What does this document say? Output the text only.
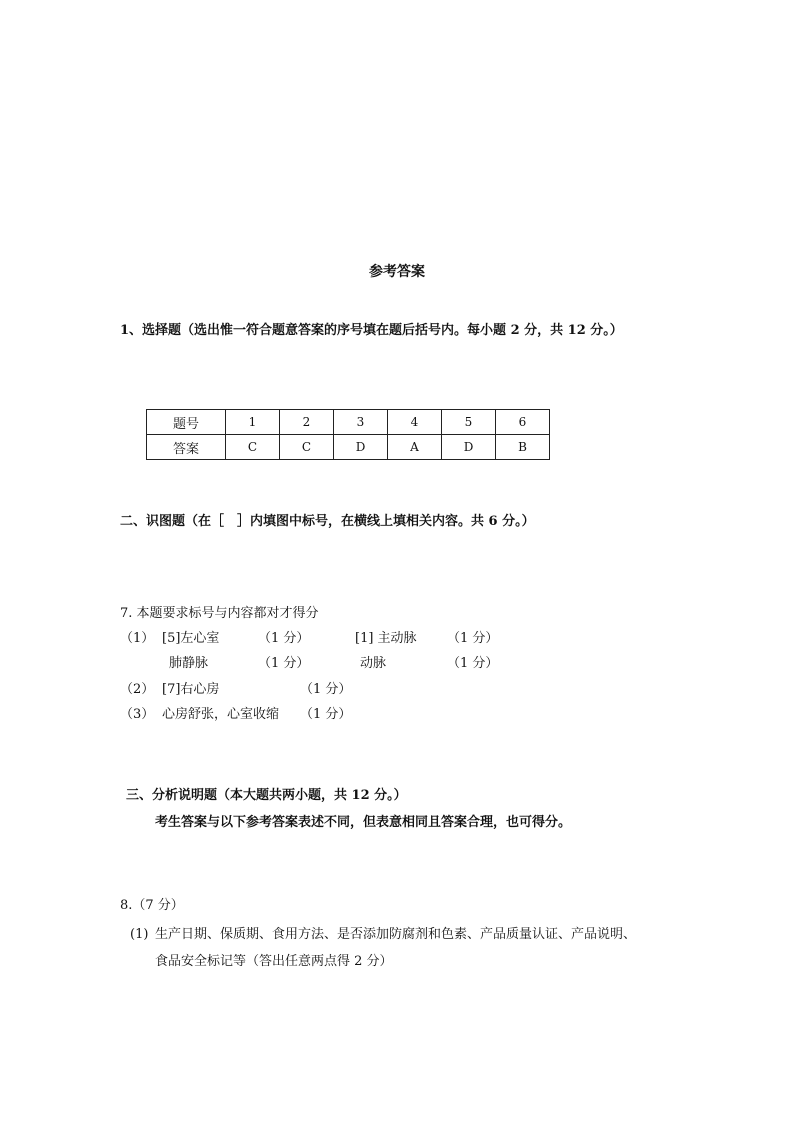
参考答案
1、选择题（选出惟一符合题意答案的序号填在题后括号内。每小题 2 分，共 12 分。）
题号	1	2	3	4	5	6
答案	C	C	D	A	D	B
二、识图题（在［　］内填图中标号，在横线上填相关内容。共 6 分。）
7. 本题要求标号与内容都对才得分
（1） [5]左心室	（1 分）	[1] 主动脉 （1 分）
肺静脉	（1 分）	动脉	（1 分）
（2） [7]右心房	（1 分）
（3） 心房舒张，心室收缩 （1 分）
三、分析说明题（本大题共两小题，共 12 分。）
考生答案与以下参考答案表述不同，但表意相同且答案合理，也可得分。
8.（7 分）
(1) 生产日期、保质期、食用方法、是否添加防腐剂和色素、产品质量认证、产品说明、
食品安全标记等（答出任意两点得 2 分）
